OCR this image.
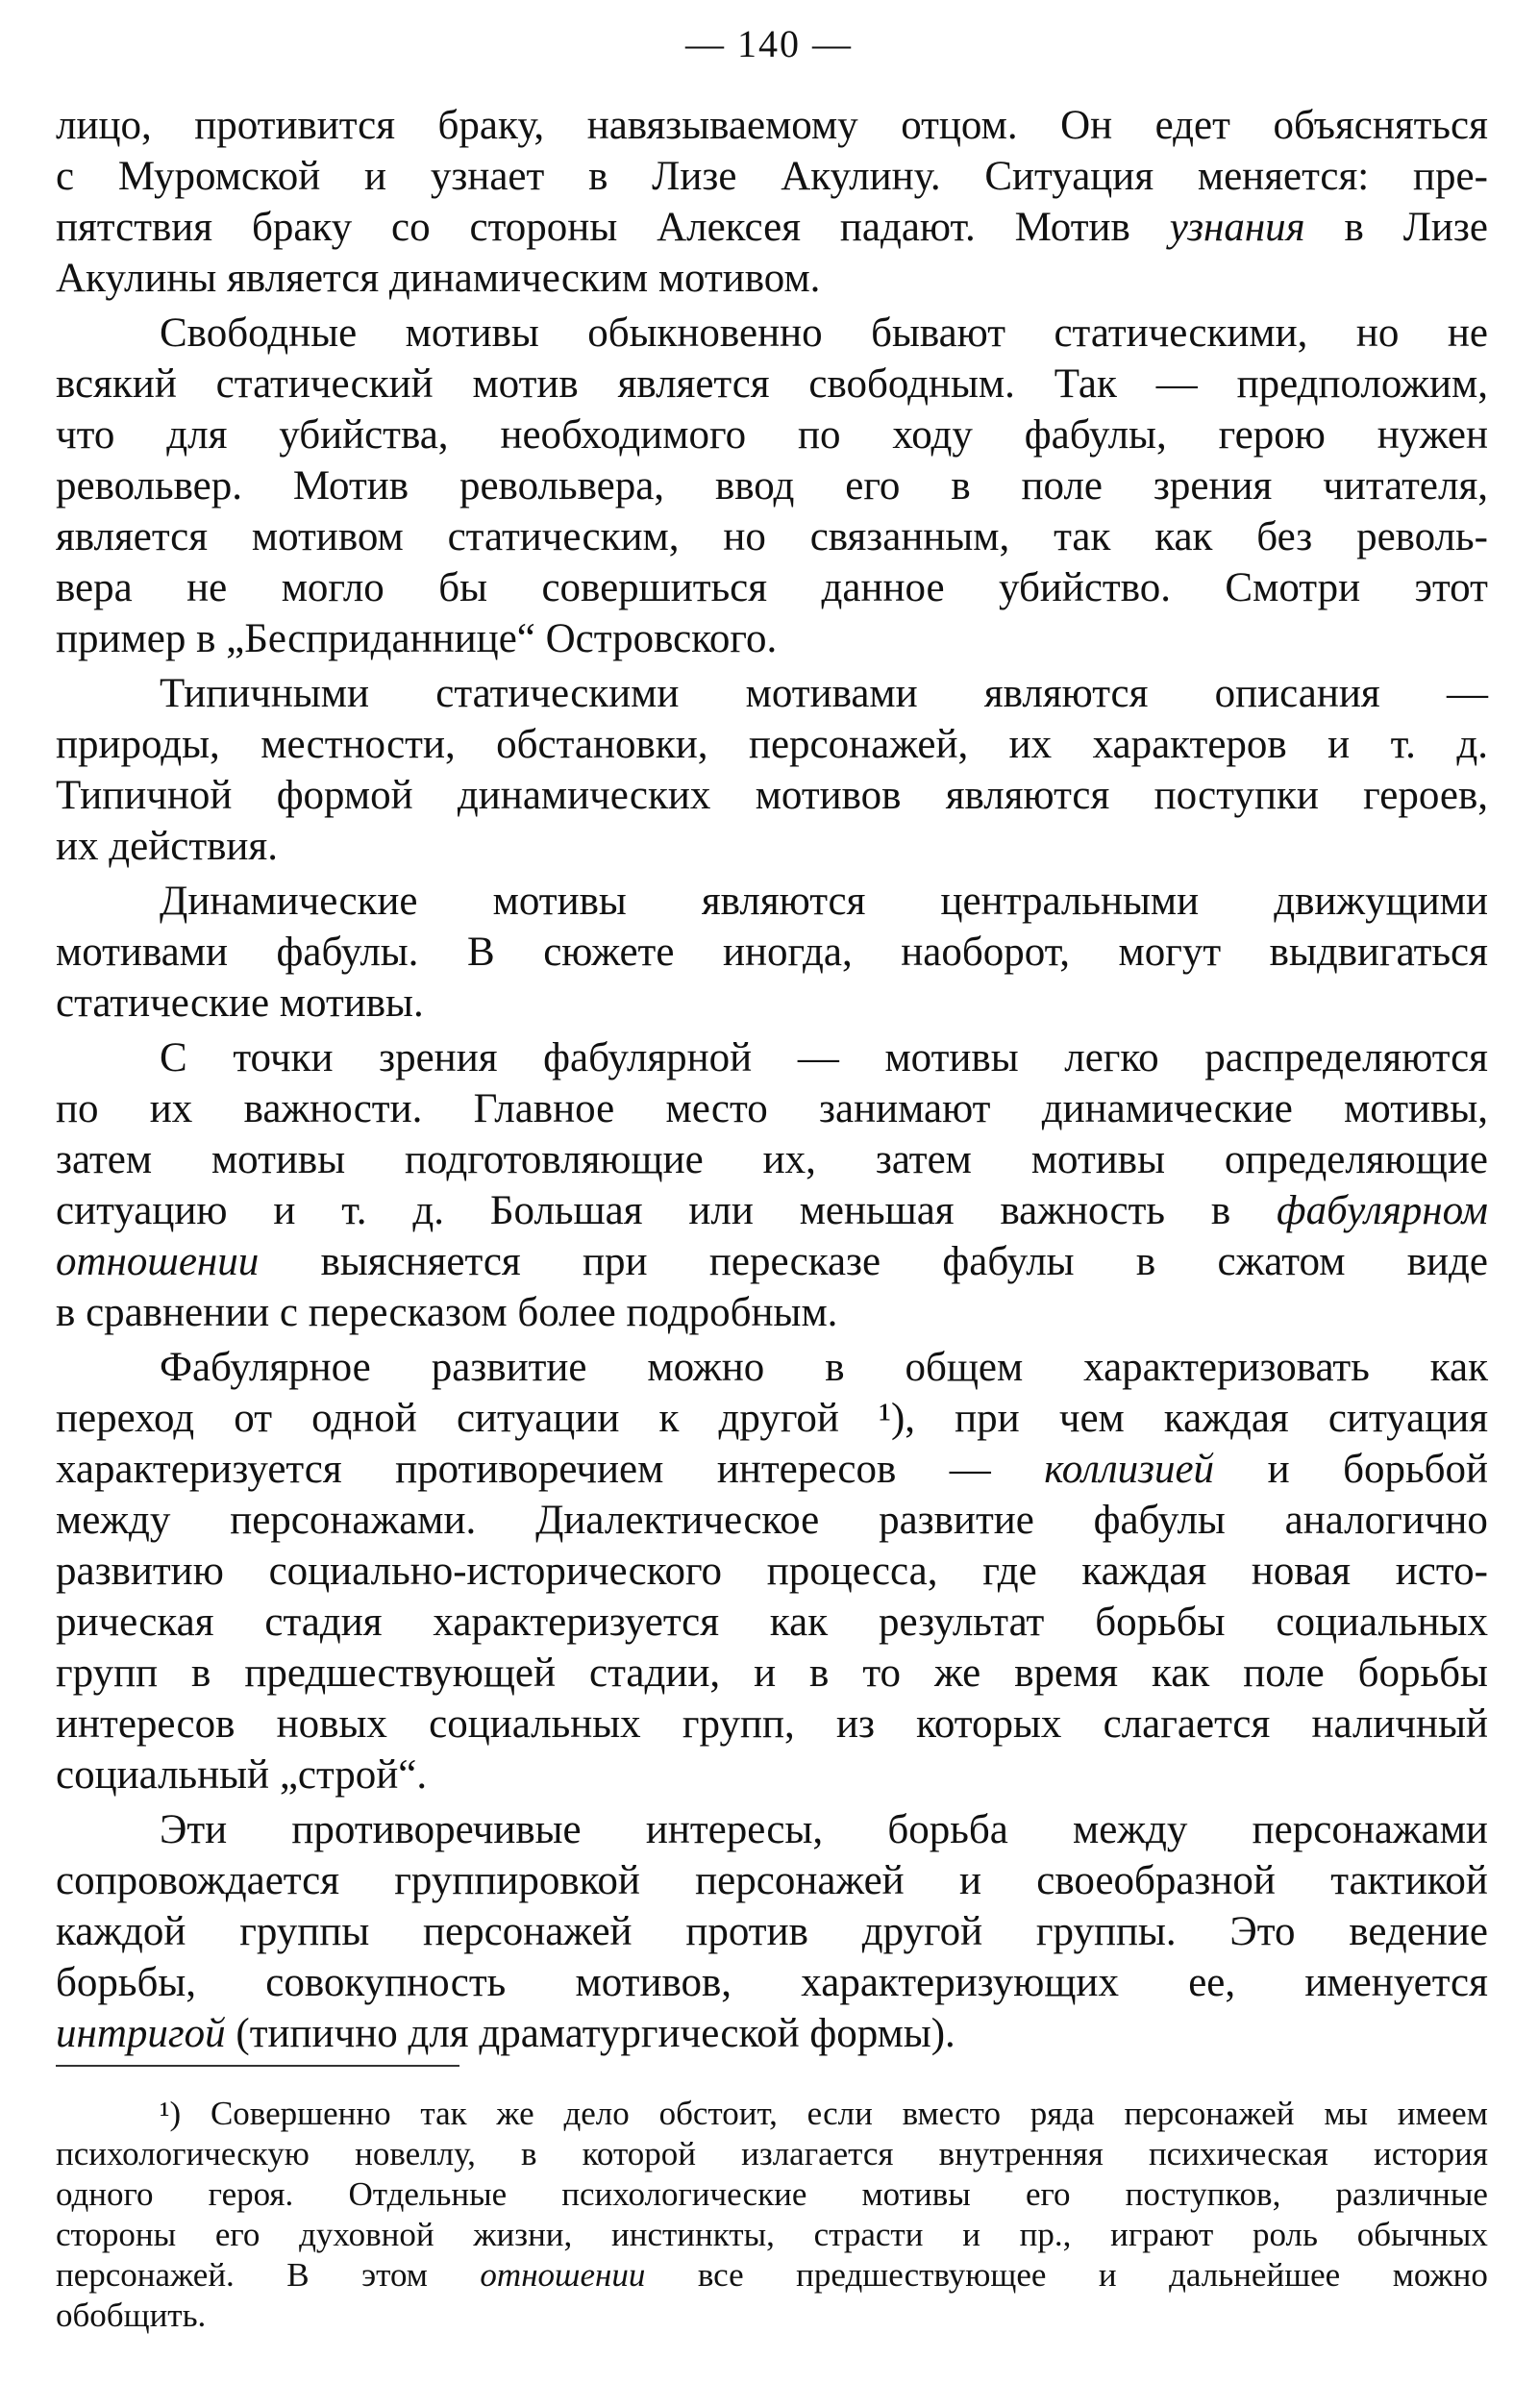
— 140 —
лицо, противится браку, навязываемому отцом. Он едет объясняться
с Муромской и узнает в Лизе Акулину. Ситуация меняется: пре-
пятствия браку со стороны Алексея падают. Мотив узнания в Лизе
Акулины является динамическим мотивом.
Свободные мотивы обыкновенно бывают статическими, но не
всякий статический мотив является свободным. Так — предположим,
что для убийства, необходимого по ходу фабулы, герою нужен
револьвер. Мотив револьвера, ввод его в поле зрения читателя,
является мотивом статическим, но связанным, так как без револь-
вера не могло бы совершиться данное убийство. Смотри этот
пример в „Бесприданнице“ Островского.
Типичными статическими мотивами являются описания —
природы, местности, обстановки, персонажей, их характеров и т. д.
Типичной формой динамических мотивов являются поступки героев,
их действия.
Динамические мотивы являются центральными движущими
мотивами фабулы. В сюжете иногда, наоборот, могут выдвигаться
статические мотивы.
С точки зрения фабулярной — мотивы легко распределяются
по их важности. Главное место занимают динамические мотивы,
затем мотивы подготовляющие их, затем мотивы определяющие
ситуацию и т. д. Большая или меньшая важность в фабулярном
отношении выясняется при пересказе фабулы в сжатом виде
в сравнении с пересказом более подробным.
Фабулярное развитие можно в общем характеризовать как
переход от одной ситуации к другой ¹), при чем каждая ситуация
характеризуется противоречием интересов — коллизией и борьбой
между персонажами. Диалектическое развитие фабулы аналогично
развитию социально-исторического процесса, где каждая новая исто-
рическая стадия характеризуется как результат борьбы социальных
групп в предшествующей стадии, и в то же время как поле борьбы
интересов новых социальных групп, из которых слагается наличный
социальный „строй“.
Эти противоречивые интересы, борьба между персонажами
сопровождается группировкой персонажей и своеобразной тактикой
каждой группы персонажей против другой группы. Это ведение
борьбы, совокупность мотивов, характеризующих ее, именуется
интригой (типично для драматургической формы).
¹) Совершенно так же дело обстоит, если вместо ряда персонажей мы имеем
психологическую новеллу, в которой излагается внутренняя психическая история
одного героя. Отдельные психологические мотивы его поступков, различные
стороны его духовной жизни, инстинкты, страсти и пр., играют роль обычных
персонажей. В этом отношении все предшествующее и дальнейшее можно
обобщить.
